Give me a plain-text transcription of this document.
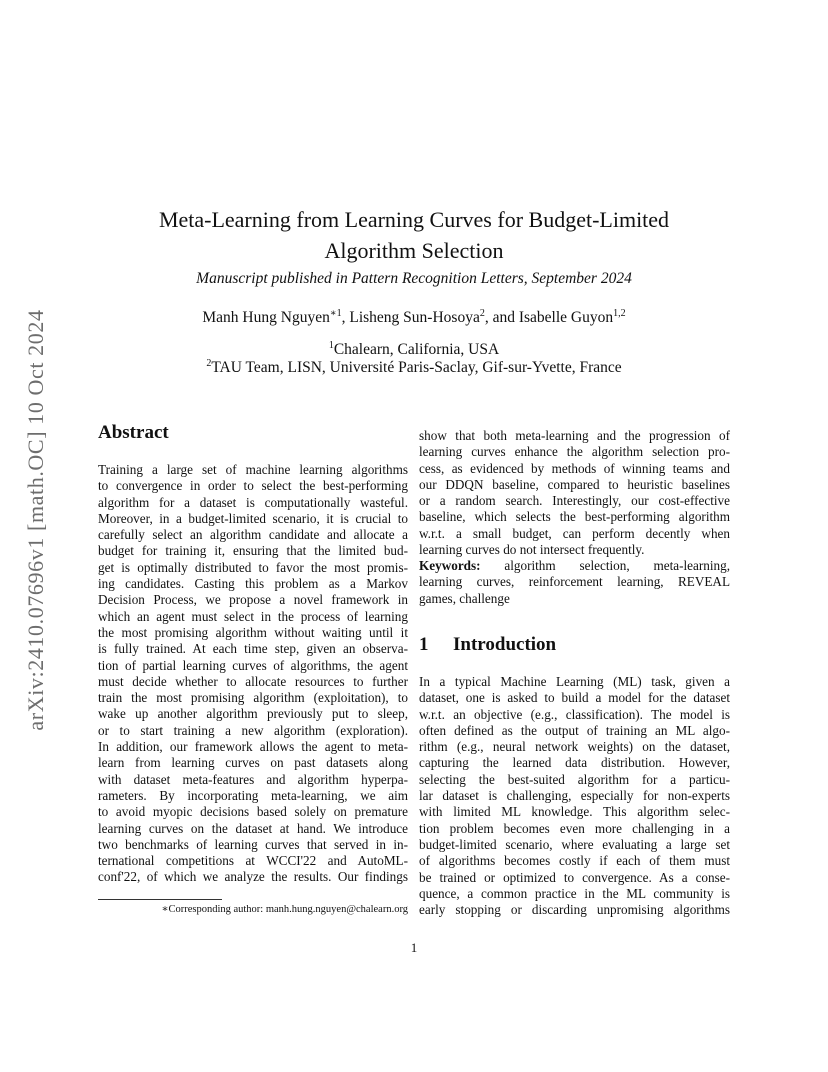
arXiv:2410.07696v1 [math.OC] 10 Oct 2024
Meta-Learning from Learning Curves for Budget-Limited
Algorithm Selection
Manuscript published in Pattern Recognition Letters, September 2024
Manh Hung Nguyen$^{∗1}$, Lisheng Sun-Hosoya$^2$, and Isabelle Guyon$^{1,2}$
$^1$Chalearn, California, USA
$^2$TAU Team, LISN, Université Paris-Saclay, Gif-sur-Yvette, France
Abstract
Training a large set of machine learning algorithms
to convergence in order to select the best-performing
algorithm for a dataset is computationally wasteful.
Moreover, in a budget-limited scenario, it is crucial to
carefully select an algorithm candidate and allocate a
budget for training it, ensuring that the limited bud-
get is optimally distributed to favor the most promis-
ing candidates. Casting this problem as a Markov
Decision Process, we propose a novel framework in
which an agent must select in the process of learning
the most promising algorithm without waiting until it
is fully trained. At each time step, given an observa-
tion of partial learning curves of algorithms, the agent
must decide whether to allocate resources to further
train the most promising algorithm (exploitation), to
wake up another algorithm previously put to sleep,
or to start training a new algorithm (exploration).
In addition, our framework allows the agent to meta-
learn from learning curves on past datasets along
with dataset meta-features and algorithm hyperpa-
rameters. By incorporating meta-learning, we aim
to avoid myopic decisions based solely on premature
learning curves on the dataset at hand. We introduce
two benchmarks of learning curves that served in in-
ternational competitions at WCCI'22 and AutoML-
conf'22, of which we analyze the results. Our findings
show that both meta-learning and the progression of
learning curves enhance the algorithm selection pro-
cess, as evidenced by methods of winning teams and
our DDQN baseline, compared to heuristic baselines
or a random search. Interestingly, our cost-effective
baseline, which selects the best-performing algorithm
w.r.t. a small budget, can perform decently when
learning curves do not intersect frequently.
Keywords: algorithm selection, meta-learning,
learning curves, reinforcement learning, REVEAL
games, challenge
1 Introduction
In a typical Machine Learning (ML) task, given a
dataset, one is asked to build a model for the dataset
w.r.t. an objective (e.g., classification). The model is
often defined as the output of training an ML algo-
rithm (e.g., neural network weights) on the dataset,
capturing the learned data distribution. However,
selecting the best-suited algorithm for a particu-
lar dataset is challenging, especially for non-experts
with limited ML knowledge. This algorithm selec-
tion problem becomes even more challenging in a
budget-limited scenario, where evaluating a large set
of algorithms becomes costly if each of them must
be trained or optimized to convergence. As a conse-
quence, a common practice in the ML community is
early stopping or discarding unpromising algorithms
∗Corresponding author: manh.hung.nguyen@chalearn.org
1
